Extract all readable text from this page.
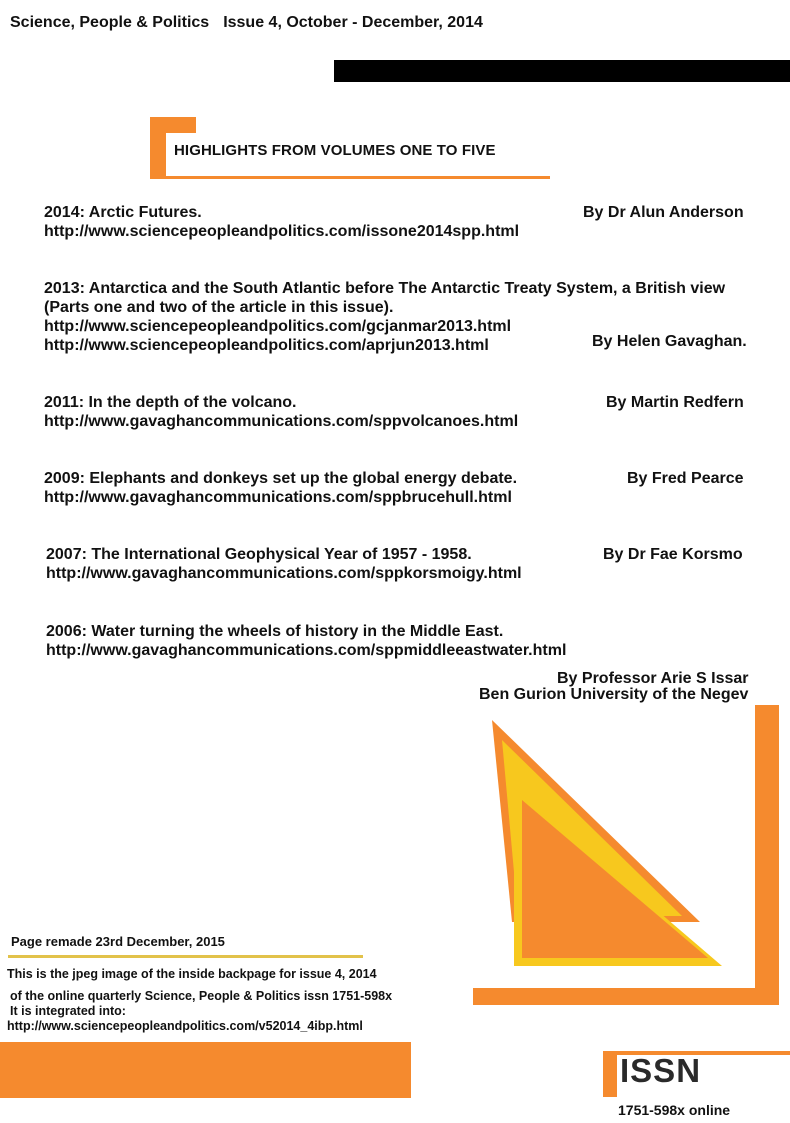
Science, People & Politics Issue 4, October - December, 2014
HIGHLIGHTS FROM VOLUMES ONE TO FIVE
2014: Arctic Futures.	By Dr Alun Anderson
http://www.sciencepeopleandpolitics.com/issone2014spp.html
2013: Antarctica and the South Atlantic before The Antarctic Treaty System, a British view
(Parts one and two of the article in this issue).
http://www.sciencepeopleandpolitics.com/gcjanmar2013.html
http://www.sciencepeopleandpolitics.com/aprjun2013.html	By Helen Gavaghan.
2011: In the depth of the volcano.	By Martin Redfern
http://www.gavaghancommunications.com/sppvolcanoes.html
2009: Elephants and donkeys set up the global energy debate.	By Fred Pearce
http://www.gavaghancommunications.com/sppbrucehull.html
2007: The International Geophysical Year of 1957 - 1958.	By Dr Fae Korsmo
http://www.gavaghancommunications.com/sppkorsmoigy.html
2006: Water turning the wheels of history in the Middle East.
http://www.gavaghancommunications.com/sppmiddleeastwater.html
By Professor Arie S Issar
Ben Gurion University of the Negev
Page remade 23rd December, 2015
This is the jpeg image of the inside backpage for issue 4, 2014
of the online quarterly Science, People & Politics issn 1751-598x
It is integrated into:
http://www.sciencepeopleandpolitics.com/v52014_4ibp.html
ISSN
1751-598x online
